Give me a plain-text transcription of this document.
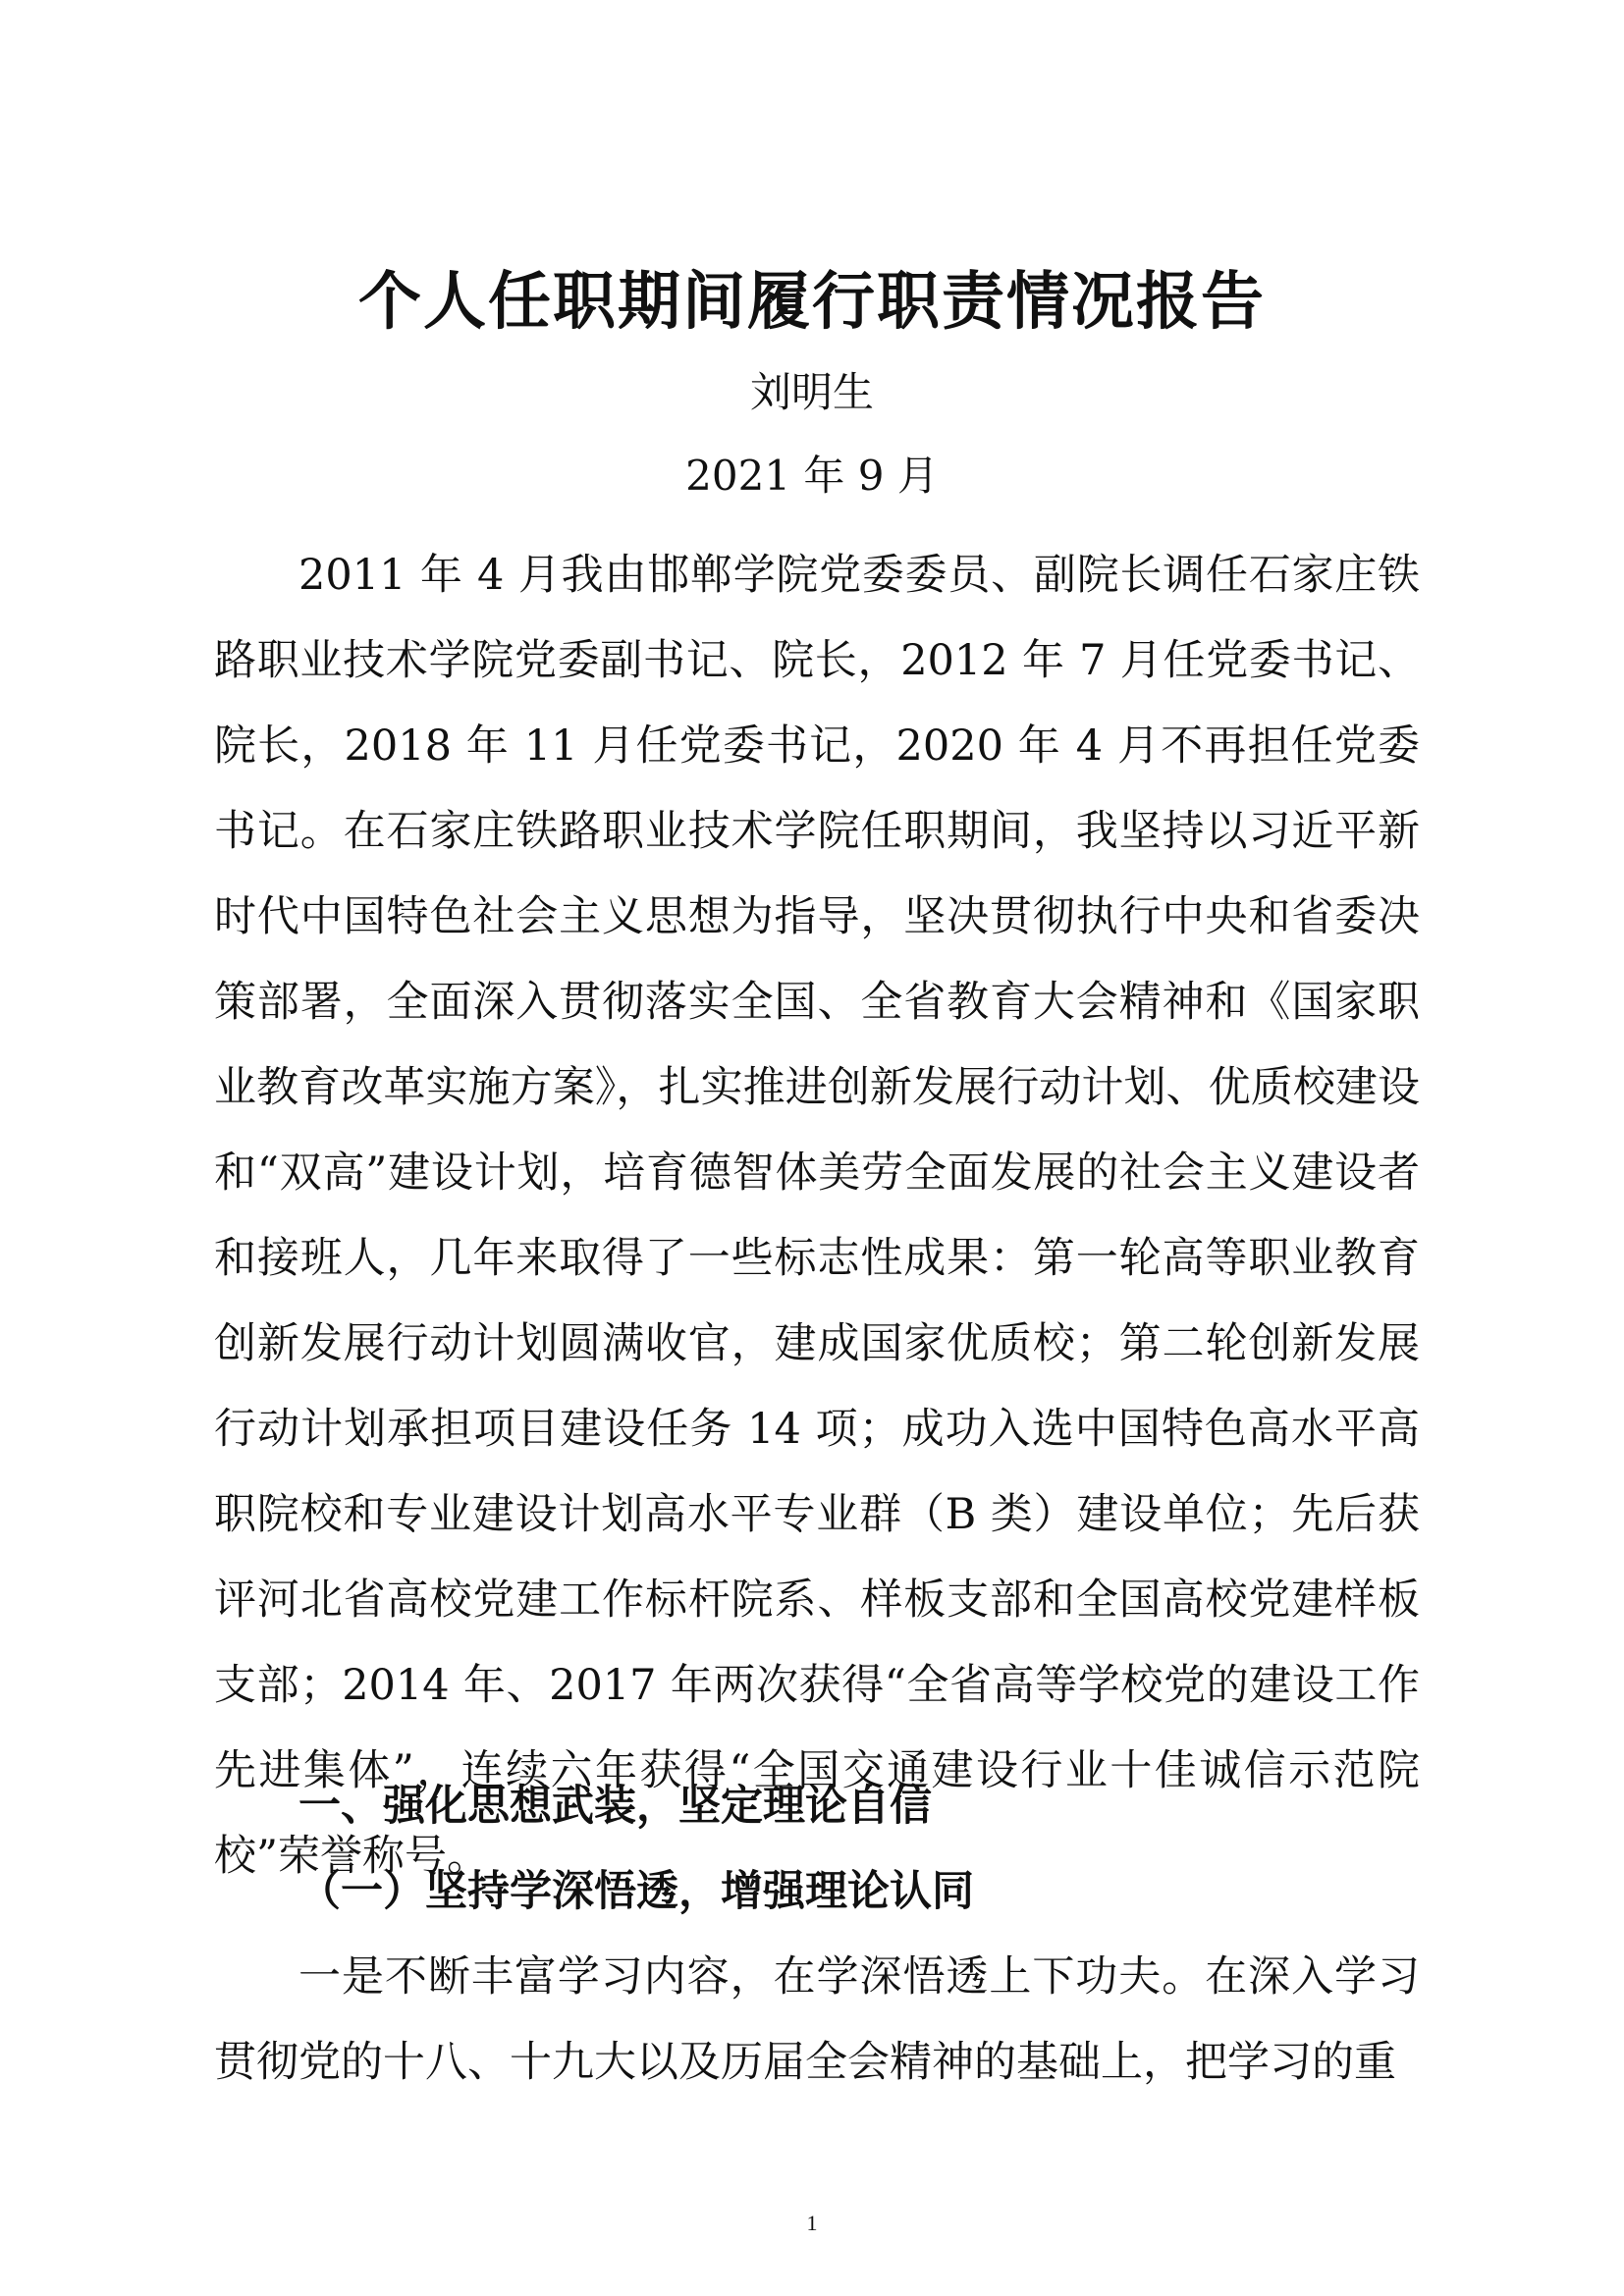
个人任职期间履行职责情况报告

刘明生

2021 年 9 月

2011 年 4 月我由邯郸学院党委委员、副院长调任石家庄铁路职业技术学院党委副书记、院长，2012 年 7 月任党委书记、院长，2018 年 11 月任党委书记，2020 年 4 月不再担任党委书记。在石家庄铁路职业技术学院任职期间，我坚持以习近平新时代中国特色社会主义思想为指导，坚决贯彻执行中央和省委决策部署，全面深入贯彻落实全国、全省教育大会精神和《国家职业教育改革实施方案》，扎实推进创新发展行动计划、优质校建设和“双高”建设计划，培育德智体美劳全面发展的社会主义建设者和接班人，几年来取得了一些标志性成果：第一轮高等职业教育创新发展行动计划圆满收官，建成国家优质校；第二轮创新发展行动计划承担项目建设任务 14 项；成功入选中国特色高水平高职院校和专业建设计划高水平专业群（B 类）建设单位；先后获评河北省高校党建工作标杆院系、样板支部和全国高校党建样板支部；2014 年、2017 年两次获得“全省高等学校党的建设工作先进集体”，连续六年获得“全国交通建设行业十佳诚信示范院校”荣誉称号。

一、强化思想武装，坚定理论自信
（一）坚持学深悟透，增强理论认同

一是不断丰富学习内容，在学深悟透上下功夫。在深入学习贯彻党的十八、十九大以及历届全会精神的基础上，把学习的重

1
